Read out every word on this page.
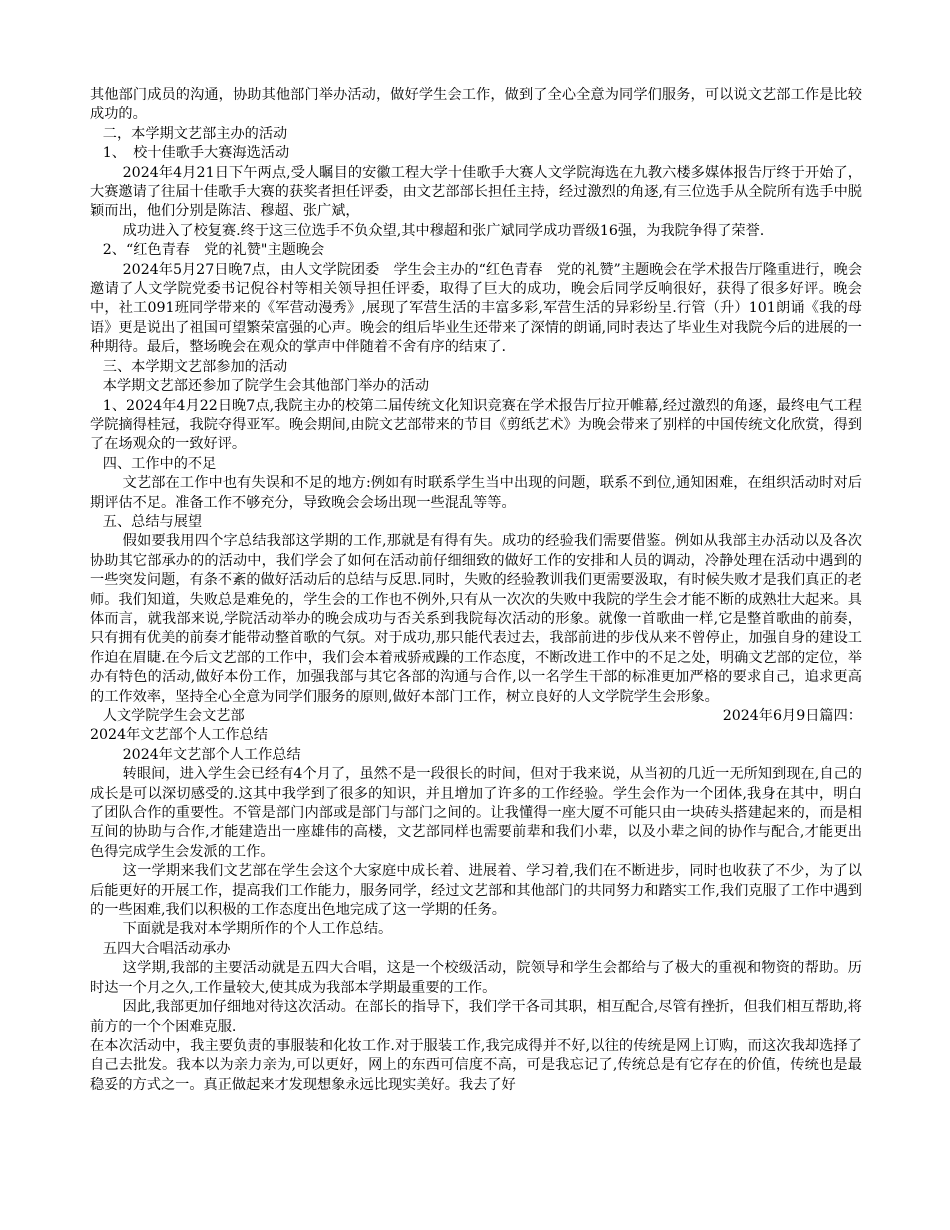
其他部门成员的沟通，协助其他部门举办活动，做好学生会工作，做到了全心全意为同学们服务，可以说文艺部工作是比较成功的。

二，本学期文艺部主办的活动

1、　校十佳歌手大赛海选活动

2024年4月21日下午两点,受人瞩目的安徽工程大学十佳歌手大赛人文学院海选在九教六楼多媒体报告厅终于开始了，大赛邀请了往届十佳歌手大赛的获奖者担任评委，由文艺部部长担任主持，经过激烈的角逐,有三位选手从全院所有选手中脱颖而出，他们分别是陈洁、穆超、张广斌，

成功进入了校复赛.终于这三位选手不负众望,其中穆超和张广斌同学成功晋级16强，为我院争得了荣誉.

2、“红色青春　党的礼赞"主题晚会

2024年5月27日晚7点，由人文学院团委　学生会主办的“红色青春　党的礼赞”主题晚会在学术报告厅隆重进行，晚会邀请了人文学院党委书记倪谷村等相关领导担任评委，取得了巨大的成功，晚会后同学反响很好，获得了很多好评。晚会中，社工091班同学带来的《军营动漫秀》,展现了军营生活的丰富多彩,军营生活的异彩纷呈.行管（升）101朗诵《我的母语》更是说出了祖国可望繁荣富强的心声。晚会的组后毕业生还带来了深情的朗诵,同时表达了毕业生对我院今后的进展的一种期待。最后，整场晚会在观众的掌声中伴随着不舍有序的结束了.

三、本学期文艺部参加的活动

本学期文艺部还参加了院学生会其他部门举办的活动

1、2024年4月22日晚7点,我院主办的校第二届传统文化知识竞赛在学术报告厅拉开帷幕,经过激烈的角逐，最终电气工程学院摘得桂冠，我院夺得亚军。晚会期间,由院文艺部带来的节目《剪纸艺术》为晚会带来了别样的中国传统文化欣赏，得到了在场观众的一致好评。

四、工作中的不足

文艺部在工作中也有失误和不足的地方:例如有时联系学生当中出现的问题，联系不到位,通知困难，在组织活动时对后期评估不足。准备工作不够充分，导致晚会会场出现一些混乱等等。

五、总结与展望

假如要我用四个字总结我部这学期的工作,那就是有得有失。成功的经验我们需要借鉴。例如从我部主办活动以及各次协助其它部承办的的活动中，我们学会了如何在活动前仔细细致的做好工作的安排和人员的调动，冷静处理在活动中遇到的一些突发问题，有条不紊的做好活动后的总结与反思.同时，失败的经验教训我们更需要汲取，有时候失败才是我们真正的老师。我们知道，失败总是难免的，学生会的工作也不例外,只有从一次次的失败中我院的学生会才能不断的成熟壮大起来。具体而言，就我部来说,学院活动举办的晚会成功与否关系到我院每次活动的形象。就像一首歌曲一样,它是整首歌曲的前奏，只有拥有优美的前奏才能带动整首歌的气氛。对于成功,那只能代表过去，我部前进的步伐从来不曾停止，加强自身的建设工作迫在眉睫.在今后文艺部的工作中，我们会本着戒骄戒躁的工作态度，不断改进工作中的不足之处，明确文艺部的定位，举办有特色的活动,做好本份工作，加强我部与其它各部的沟通与合作,以一名学生干部的标准更加严格的要求自己，追求更高的工作效率，坚持全心全意为同学们服务的原则,做好本部门工作，树立良好的人文学院学生会形象。

人文学院学生会文艺部	2024年6月9日篇四：

2024年文艺部个人工作总结

2024年文艺部个人工作总结

转眼间，进入学生会已经有4个月了，虽然不是一段很长的时间，但对于我来说，从当初的几近一无所知到现在,自己的成长是可以深切感受的.这其中我学到了很多的知识，并且增加了许多的工作经验。学生会作为一个团体,我身在其中，明白了团队合作的重要性。不管是部门内部或是部门与部门之间的。让我懂得一座大厦不可能只由一块砖头搭建起来的，而是相互间的协助与合作,才能建造出一座雄伟的高楼，文艺部同样也需要前辈和我们小辈，以及小辈之间的协作与配合,才能更出色得完成学生会发派的工作。

这一学期来我们文艺部在学生会这个大家庭中成长着、进展着、学习着,我们在不断进步，同时也收获了不少，为了以后能更好的开展工作，提高我们工作能力，服务同学，经过文艺部和其他部门的共同努力和踏实工作,我们克服了工作中遇到的一些困难,我们以积极的工作态度出色地完成了这一学期的任务。

下面就是我对本学期所作的个人工作总结。

五四大合唱活动承办

这学期,我部的主要活动就是五四大合唱，这是一个校级活动，院领导和学生会都给与了极大的重视和物资的帮助。历时达一个月之久,工作量较大,使其成为我部本学期最重要的工作。

因此,我部更加仔细地对待这次活动。在部长的指导下，我们学干各司其职，相互配合,尽管有挫折，但我们相互帮助,将前方的一个个困难克服.

在本次活动中，我主要负责的事服装和化妆工作.对于服装工作,我完成得并不好,以往的传统是网上订购，而这次我却选择了自己去批发。我本以为亲力亲为,可以更好，网上的东西可信度不高，可是我忘记了,传统总是有它存在的价值，传统也是最稳妥的方式之一。真正做起来才发现想象永远比现实美好。我去了好
